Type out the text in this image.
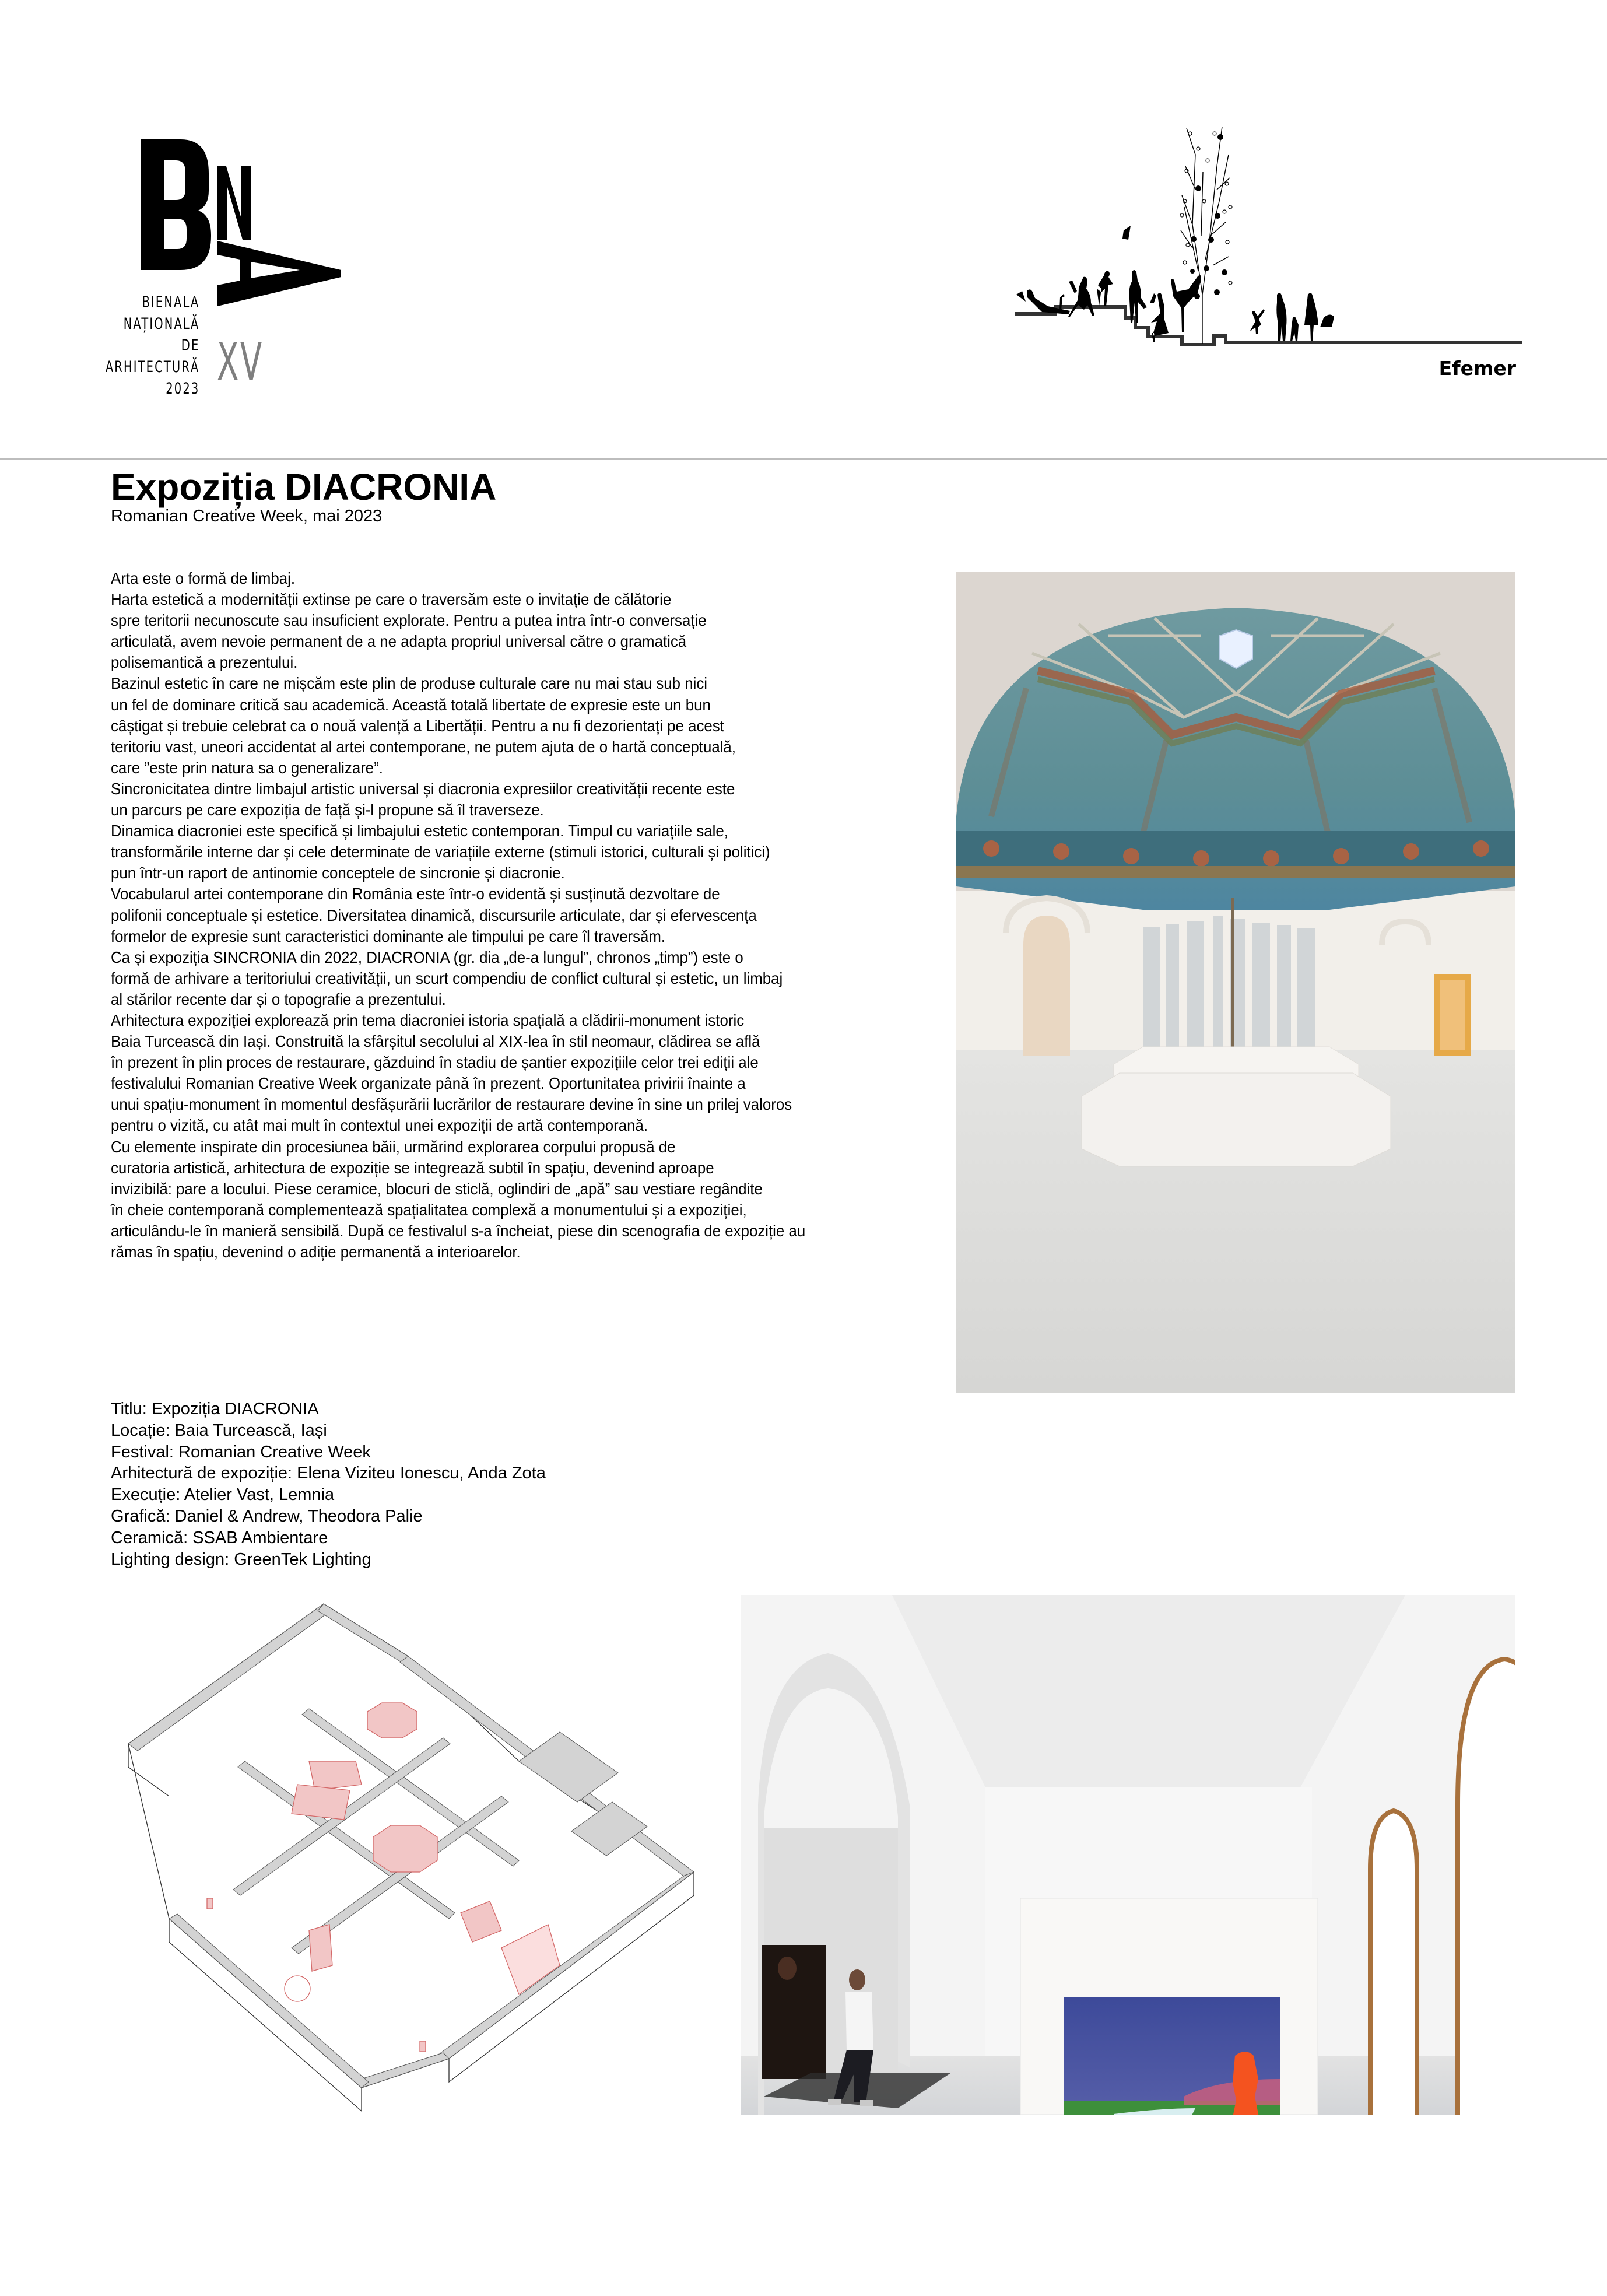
BIENALA
NAȚIONALĂ
DE
ARHITECTURĂ
2023 XV	Efemer
Expoziția DIACRONIA
Romanian Creative Week, mai 2023
Arta este o formă de limbaj.
Harta estetică a modernității extinse pe care o traversăm este o invitație de călătorie
spre teritorii necunoscute sau insuficient explorate. Pentru a putea intra într-o conversație
articulată, avem nevoie permanent de a ne adapta propriul universal către o gramatică
polisemantică a prezentului.
Bazinul estetic în care ne mișcăm este plin de produse culturale care nu mai stau sub nici
un fel de dominare critică sau academică. Această totală libertate de expresie este un bun
câștigat și trebuie celebrat ca o nouă valență a Libertății. Pentru a nu fi dezorientați pe acest
teritoriu vast, uneori accidentat al artei contemporane, ne putem ajuta de o hartă conceptuală,
care ”este prin natura sa o generalizare”.
Sincronicitatea dintre limbajul artistic universal și diacronia expresiilor creativității recente este
un parcurs pe care expoziția de față și-l propune să îl traverseze.
Dinamica diacroniei este specifică și limbajului estetic contemporan. Timpul cu variațiile sale,
transformările interne dar și cele determinate de variațiile externe (stimuli istorici, culturali și politici)
pun într-un raport de antinomie conceptele de sincronie și diacronie.
Vocabularul artei contemporane din România este într-o evidentă și susținută dezvoltare de
polifonii conceptuale și estetice. Diversitatea dinamică, discursurile articulate, dar și efervescența
formelor de expresie sunt caracteristici dominante ale timpului pe care îl traversăm.
Ca și expoziția SINCRONIA din 2022, DIACRONIA (gr. dia „de-a lungul”, chronos „timp”) este o
formă de arhivare a teritoriului creativității, un scurt compendiu de conflict cultural și estetic, un limbaj
al stărilor recente dar și o topografie a prezentului.
Arhitectura expoziției explorează prin tema diacroniei istoria spațială a clădirii-monument istoric
Baia Turcească din Iași. Construită la sfârșitul secolului al XIX-lea în stil neomaur, clădirea se află
în prezent în plin proces de restaurare, găzduind în stadiu de șantier expozițiile celor trei ediții ale
festivalului Romanian Creative Week organizate până în prezent. Oportunitatea privirii înainte a
unui spațiu-monument în momentul desfășurării lucrărilor de restaurare devine în sine un prilej valoros
pentru o vizită, cu atât mai mult în contextul unei expoziții de artă contemporană.
Cu elemente inspirate din procesiunea băii, urmărind explorarea corpului propusă de
curatoria artistică, arhitectura de expoziție se integrează subtil în spațiu, devenind aproape
invizibilă: pare a locului. Piese ceramice, blocuri de sticlă, oglindiri de „apă” sau vestiare regândite
în cheie contemporană complementează spațialitatea complexă a monumentului și a expoziției,
articulându-le în manieră sensibilă. După ce festivalul s-a încheiat, piese din scenografia de expoziție au
rămas în spațiu, devenind o adiție permanentă a interioarelor.
Titlu: Expoziția DIACRONIA
Locație: Baia Turcească, Iași
Festival: Romanian Creative Week
Arhitectură de expoziție: Elena Viziteu Ionescu, Anda Zota
Execuție: Atelier Vast, Lemnia
Grafică: Daniel & Andrew, Theodora Palie
Ceramică: SSAB Ambientare
Lighting design: GreenTek Lighting
